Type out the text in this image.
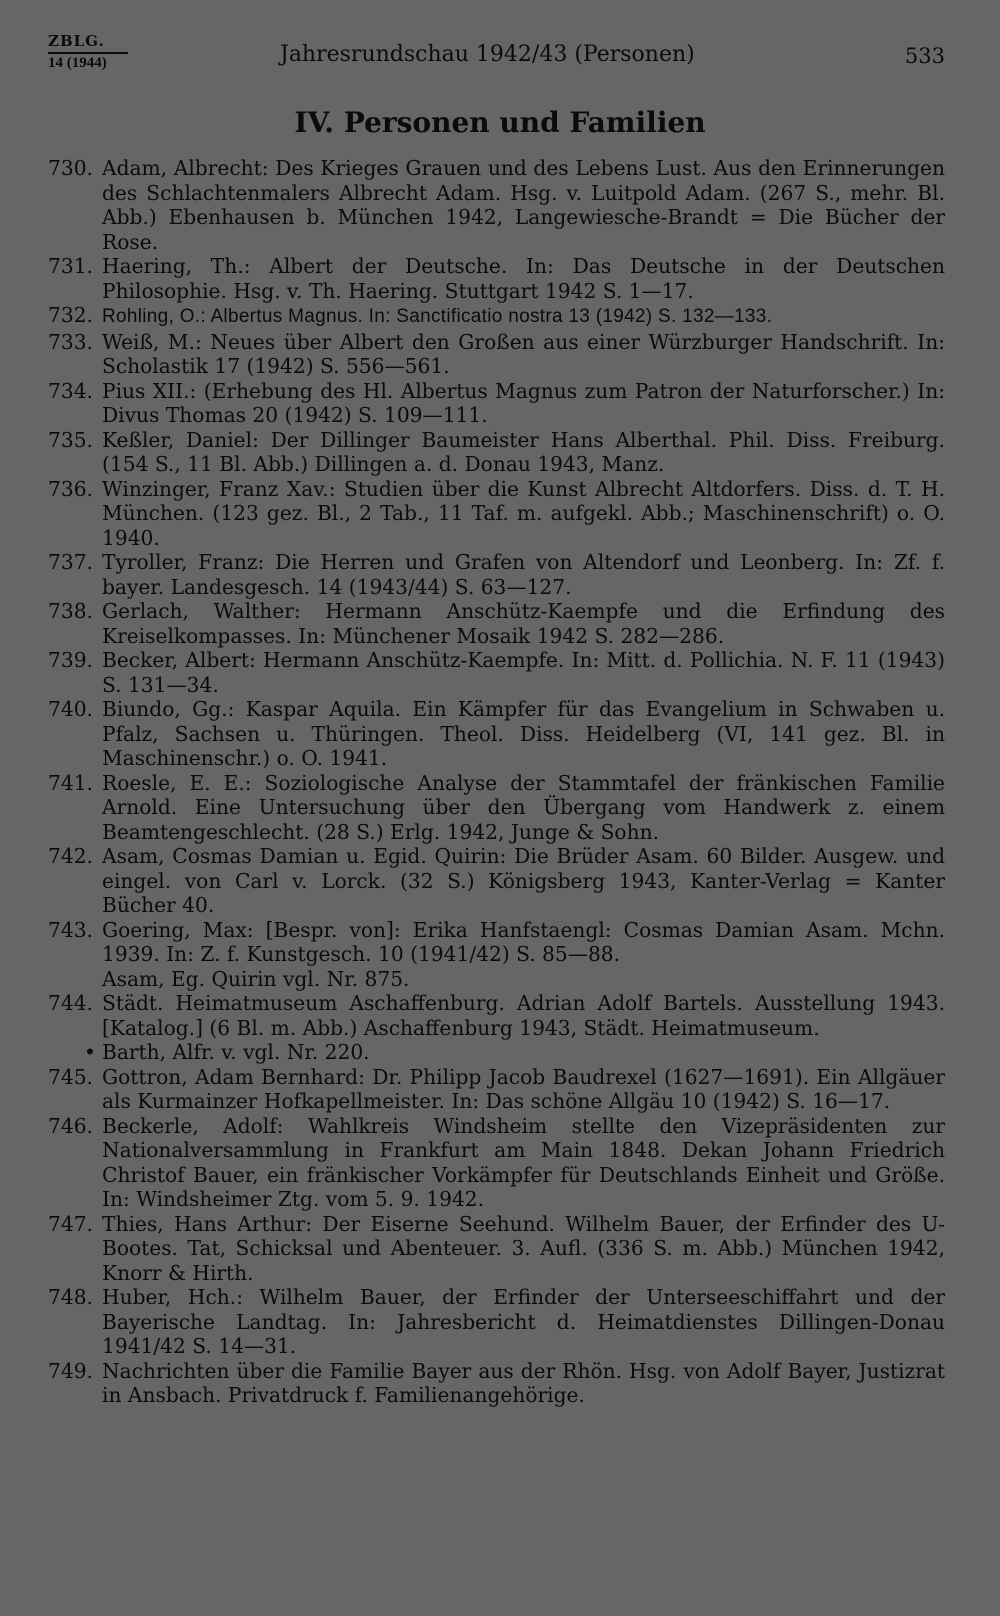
ZBLG.
14 (1944)	Jahresrundschau 1942/43 (Personen)	533
IV. Personen und Familien
730. Adam, Albrecht: Des Krieges Grauen und des Lebens Lust. Aus den Erinnerungen des Schlachtenmalers Albrecht Adam. Hsg. v. Luitpold Adam. (267 S., mehr. Bl. Abb.) Ebenhausen b. München 1942, Langewiesche-Brandt = Die Bücher der Rose.
731. Haering, Th.: Albert der Deutsche. In: Das Deutsche in der Deutschen Philosophie. Hsg. v. Th. Haering. Stuttgart 1942 S. 1—17.
732. Rohling, O.: Albertus Magnus. In: Sanctificatio nostra 13 (1942) S. 132—133.
733. Weiß, M.: Neues über Albert den Großen aus einer Würzburger Handschrift. In: Scholastik 17 (1942) S. 556—561.
734. Pius XII.: (Erhebung des Hl. Albertus Magnus zum Patron der Naturforscher.) In: Divus Thomas 20 (1942) S. 109—111.
735. Keßler, Daniel: Der Dillinger Baumeister Hans Alberthal. Phil. Diss. Freiburg. (154 S., 11 Bl. Abb.) Dillingen a. d. Donau 1943, Manz.
736. Winzinger, Franz Xav.: Studien über die Kunst Albrecht Altdorfers. Diss. d. T. H. München. (123 gez. Bl., 2 Tab., 11 Taf. m. aufgekl. Abb.; Maschinenschrift) o. O. 1940.
737. Tyroller, Franz: Die Herren und Grafen von Altendorf und Leonberg. In: Zf. f. bayer. Landesgesch. 14 (1943/44) S. 63—127.
738. Gerlach, Walther: Hermann Anschütz-Kaempfe und die Erfindung des Kreiselkompasses. In: Münchener Mosaik 1942 S. 282—286.
739. Becker, Albert: Hermann Anschütz-Kaempfe. In: Mitt. d. Pollichia. N. F. 11 (1943) S. 131—34.
740. Biundo, Gg.: Kaspar Aquila. Ein Kämpfer für das Evangelium in Schwaben u. Pfalz, Sachsen u. Thüringen. Theol. Diss. Heidelberg (VI, 141 gez. Bl. in Maschinenschr.) o. O. 1941.
741. Roesle, E. E.: Soziologische Analyse der Stammtafel der fränkischen Familie Arnold. Eine Untersuchung über den Übergang vom Handwerk z. einem Beamtengeschlecht. (28 S.) Erlg. 1942, Junge & Sohn.
742. Asam, Cosmas Damian u. Egid. Quirin: Die Brüder Asam. 60 Bilder. Ausgew. und eingel. von Carl v. Lorck. (32 S.) Königsberg 1943, Kanter-Verlag = Kanter Bücher 40.
743. Goering, Max: [Bespr. von]: Erika Hanfstaengl: Cosmas Damian Asam. Mchn. 1939. In: Z. f. Kunstgesch. 10 (1941/42) S. 85—88.
Asam, Eg. Quirin vgl. Nr. 875.
744. Städt. Heimatmuseum Aschaffenburg. Adrian Adolf Bartels. Ausstellung 1943. [Katalog.] (6 Bl. m. Abb.) Aschaffenburg 1943, Städt. Heimatmuseum.
• Barth, Alfr. v. vgl. Nr. 220.
745. Gottron, Adam Bernhard: Dr. Philipp Jacob Baudrexel (1627—1691). Ein Allgäuer als Kurmainzer Hofkapellmeister. In: Das schöne Allgäu 10 (1942) S. 16—17.
746. Beckerle, Adolf: Wahlkreis Windsheim stellte den Vizepräsidenten zur Nationalversammlung in Frankfurt am Main 1848. Dekan Johann Friedrich Christof Bauer, ein fränkischer Vorkämpfer für Deutschlands Einheit und Größe. In: Windsheimer Ztg. vom 5. 9. 1942.
747. Thies, Hans Arthur: Der Eiserne Seehund. Wilhelm Bauer, der Erfinder des U-Bootes. Tat, Schicksal und Abenteuer. 3. Aufl. (336 S. m. Abb.) München 1942, Knorr & Hirth.
748. Huber, Hch.: Wilhelm Bauer, der Erfinder der Unterseeschiffahrt und der Bayerische Landtag. In: Jahresbericht d. Heimatdienstes Dillingen-Donau 1941/42 S. 14—31.
749. Nachrichten über die Familie Bayer aus der Rhön. Hsg. von Adolf Bayer, Justizrat in Ansbach. Privatdruck f. Familienangehörige.
